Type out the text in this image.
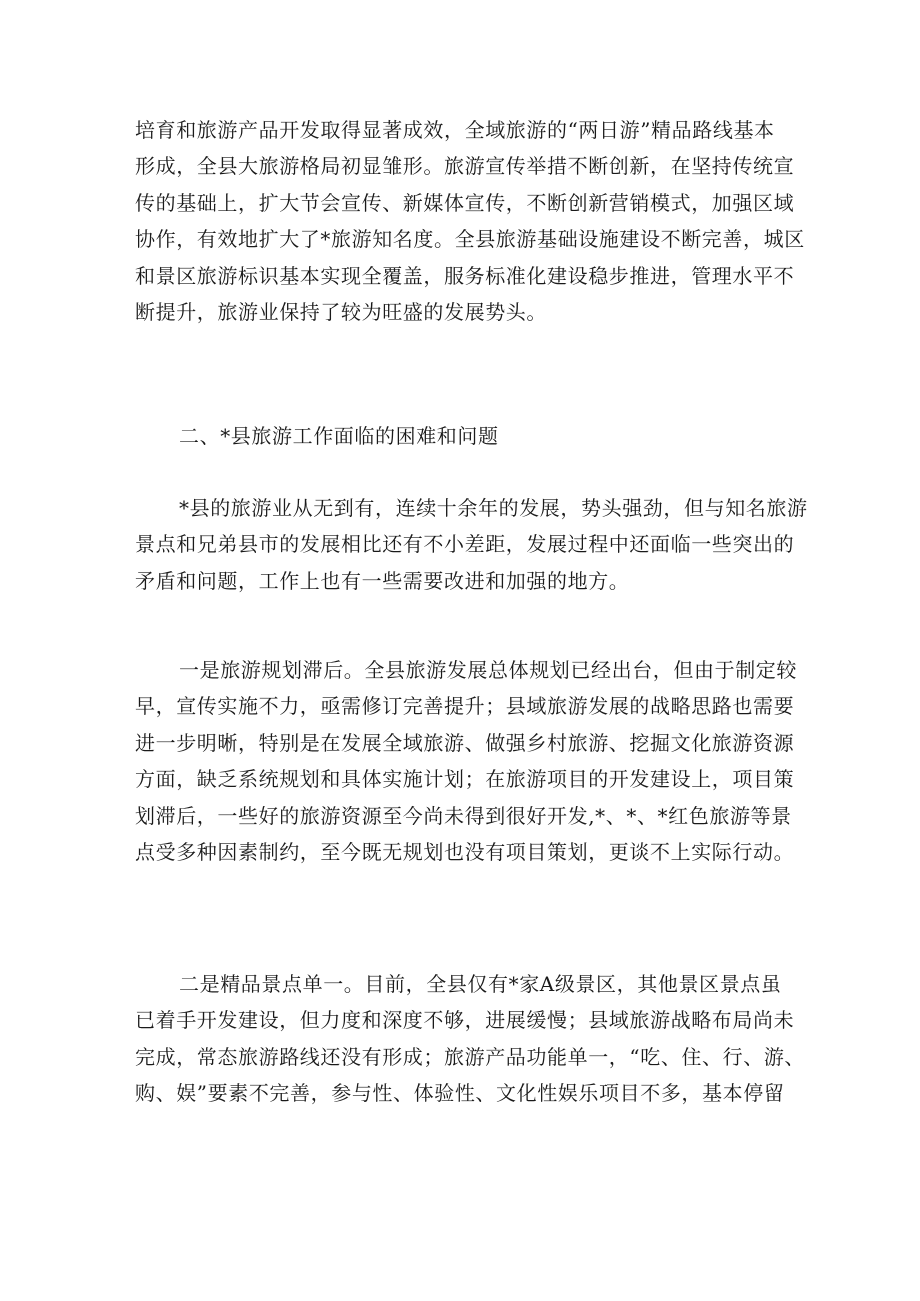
培育和旅游产品开发取得显著成效，全域旅游的“两日游”精品路线基本
形成，全县大旅游格局初显雏形。旅游宣传举措不断创新，在坚持传统宣
传的基础上，扩大节会宣传、新媒体宣传，不断创新营销模式，加强区域
协作，有效地扩大了*旅游知名度。全县旅游基础设施建设不断完善，城区
和景区旅游标识基本实现全覆盖，服务标准化建设稳步推进，管理水平不
断提升，旅游业保持了较为旺盛的发展势头。

二、*县旅游工作面临的困难和问题

*县的旅游业从无到有，连续十余年的发展，势头强劲，但与知名旅游
景点和兄弟县市的发展相比还有不小差距，发展过程中还面临一些突出的
矛盾和问题，工作上也有一些需要改进和加强的地方。

一是旅游规划滞后。全县旅游发展总体规划已经出台，但由于制定较
早，宣传实施不力，亟需修订完善提升；县域旅游发展的战略思路也需要
进一步明晰，特别是在发展全域旅游、做强乡村旅游、挖掘文化旅游资源
方面，缺乏系统规划和具体实施计划；在旅游项目的开发建设上，项目策
划滞后，一些好的旅游资源至今尚未得到很好开发,*、*、*红色旅游等景
点受多种因素制约，至今既无规划也没有项目策划，更谈不上实际行动。

二是精品景点单一。目前，全县仅有*家A级景区，其他景区景点虽
已着手开发建设，但力度和深度不够，进展缓慢；县域旅游战略布局尚未
完成，常态旅游路线还没有形成；旅游产品功能单一，“吃、住、行、游、
购、娱”要素不完善，参与性、体验性、文化性娱乐项目不多，基本停留
